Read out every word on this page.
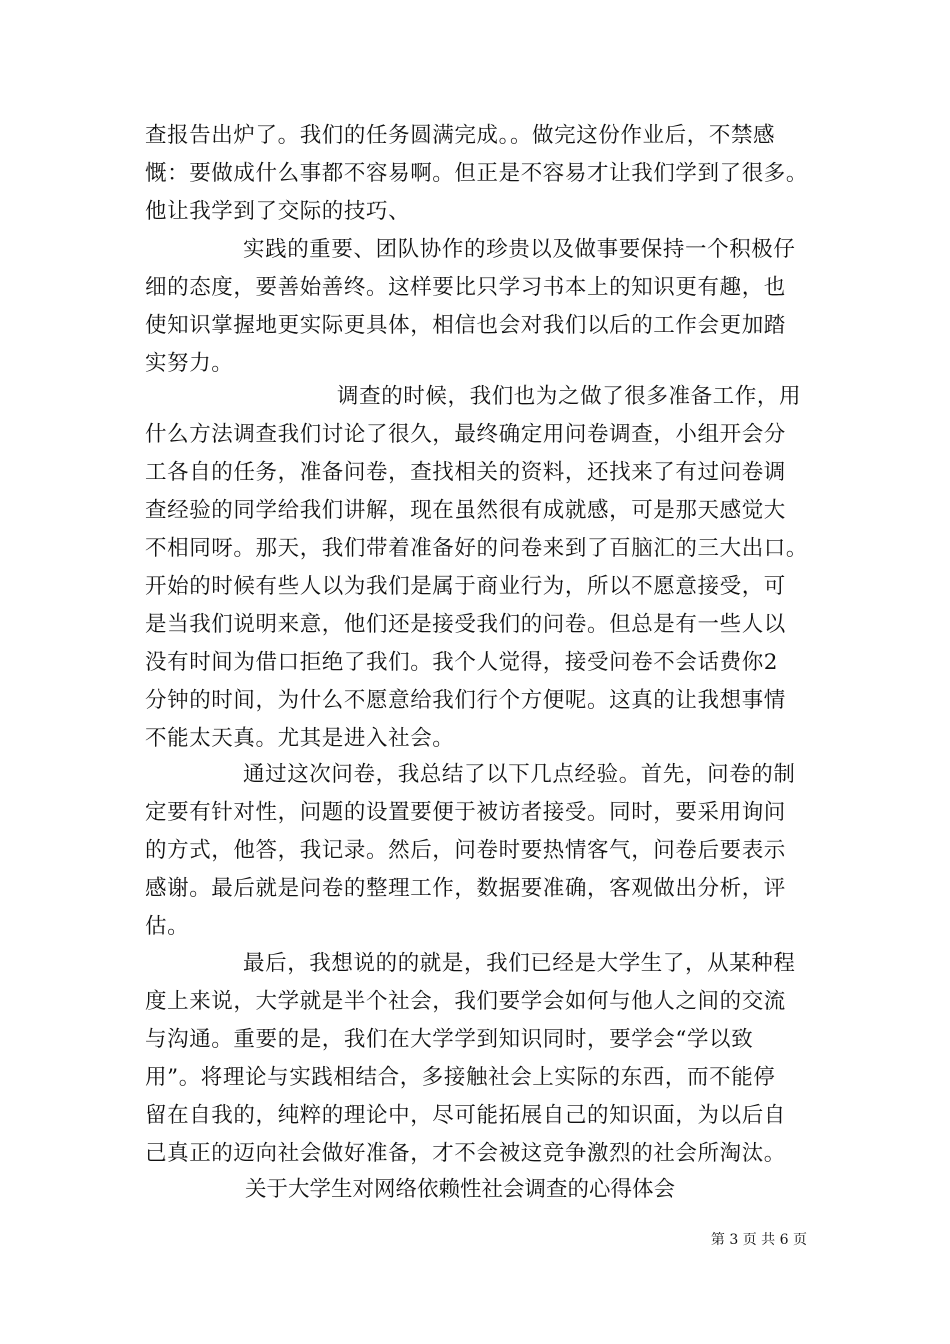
查报告出炉了。我们的任务圆满完成。。做完这份作业后，不禁感
慨：要做成什么事都不容易啊。但正是不容易才让我们学到了很多。
他让我学到了交际的技巧、
实践的重要、团队协作的珍贵以及做事要保持一个积极仔
细的态度，要善始善终。这样要比只学习书本上的知识更有趣，也
使知识掌握地更实际更具体，相信也会对我们以后的工作会更加踏
实努力。
调查的时候，我们也为之做了很多准备工作，用
什么方法调查我们讨论了很久，最终确定用问卷调查，小组开会分
工各自的任务，准备问卷，查找相关的资料，还找来了有过问卷调
查经验的同学给我们讲解，现在虽然很有成就感，可是那天感觉大
不相同呀。那天，我们带着准备好的问卷来到了百脑汇的三大出口。
开始的时候有些人以为我们是属于商业行为，所以不愿意接受，可
是当我们说明来意，他们还是接受我们的问卷。但总是有一些人以
没有时间为借口拒绝了我们。我个人觉得，接受问卷不会话费你2
分钟的时间，为什么不愿意给我们行个方便呢。这真的让我想事情
不能太天真。尤其是进入社会。
通过这次问卷，我总结了以下几点经验。首先，问卷的制
定要有针对性，问题的设置要便于被访者接受。同时，要采用询问
的方式，他答，我记录。然后，问卷时要热情客气，问卷后要表示
感谢。最后就是问卷的整理工作，数据要准确，客观做出分析，评
估。
最后，我想说的的就是，我们已经是大学生了，从某种程
度上来说，大学就是半个社会，我们要学会如何与他人之间的交流
与沟通。重要的是，我们在大学学到知识同时，要学会“学以致
用”。将理论与实践相结合，多接触社会上实际的东西，而不能停
留在自我的，纯粹的理论中，尽可能拓展自己的知识面，为以后自
己真正的迈向社会做好准备，才不会被这竞争激烈的社会所淘汰。
关于大学生对网络依赖性社会调查的心得体会
第 3 页 共 6 页
